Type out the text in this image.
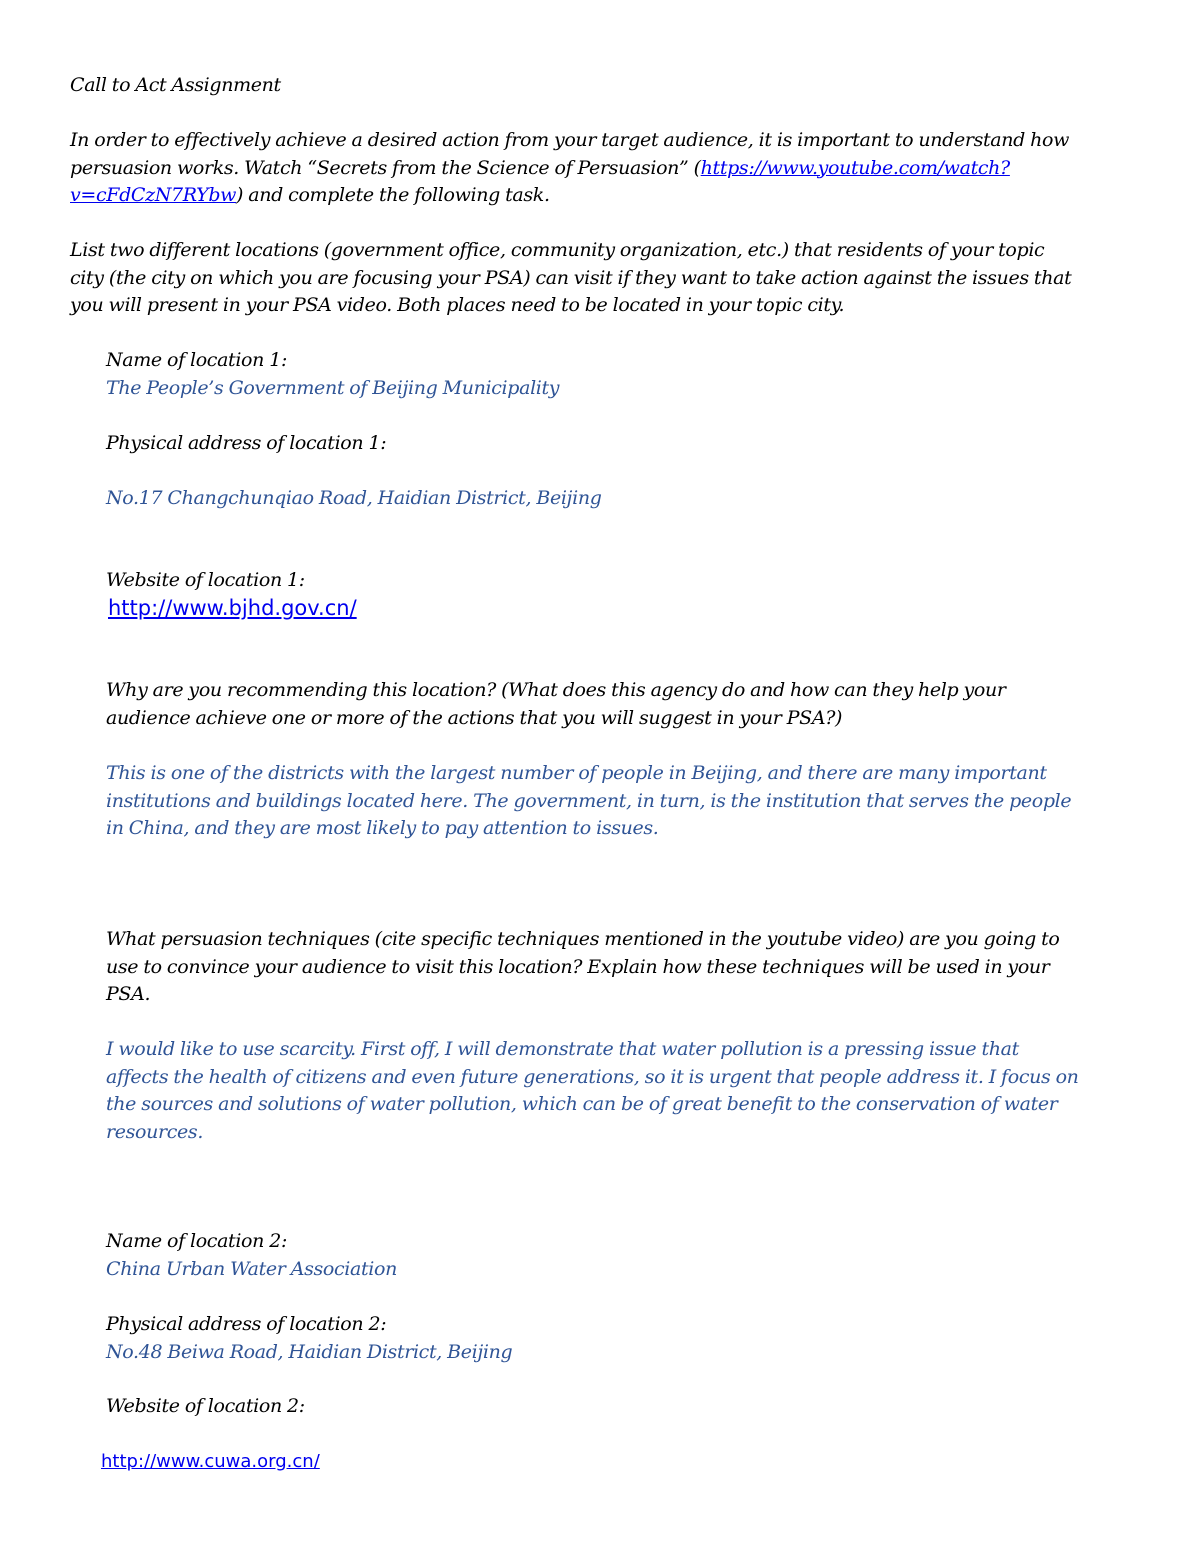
Call to Act Assignment
In order to effectively achieve a desired action from your target audience, it is important to understand how
persuasion works. Watch “Secrets from the Science of Persuasion” (https://www.youtube.com/watch?
v=cFdCzN7RYbw) and complete the following task.
List two different locations (government office, community organization, etc.) that residents of your topic
city (the city on which you are focusing your PSA) can visit if they want to take action against the issues that
you will present in your PSA video. Both places need to be located in your topic city.
Name of location 1:
The People’s Government of Beijing Municipality
Physical address of location 1:
No.17 Changchunqiao Road, Haidian District, Beijing
Website of location 1:
http://www.bjhd.gov.cn/
Why are you recommending this location? (What does this agency do and how can they help your
audience achieve one or more of the actions that you will suggest in your PSA?)
This is one of the districts with the largest number of people in Beijing, and there are many important
institutions and buildings located here. The government, in turn, is the institution that serves the people
in China, and they are most likely to pay attention to issues.
What persuasion techniques (cite specific techniques mentioned in the youtube video) are you going to
use to convince your audience to visit this location? Explain how these techniques will be used in your
PSA.
I would like to use scarcity. First off, I will demonstrate that water pollution is a pressing issue that
affects the health of citizens and even future generations, so it is urgent that people address it. I focus on
the sources and solutions of water pollution, which can be of great benefit to the conservation of water
resources.
Name of location 2:
China Urban Water Association
Physical address of location 2:
No.48 Beiwa Road, Haidian District, Beijing
Website of location 2:
http://www.cuwa.org.cn/
